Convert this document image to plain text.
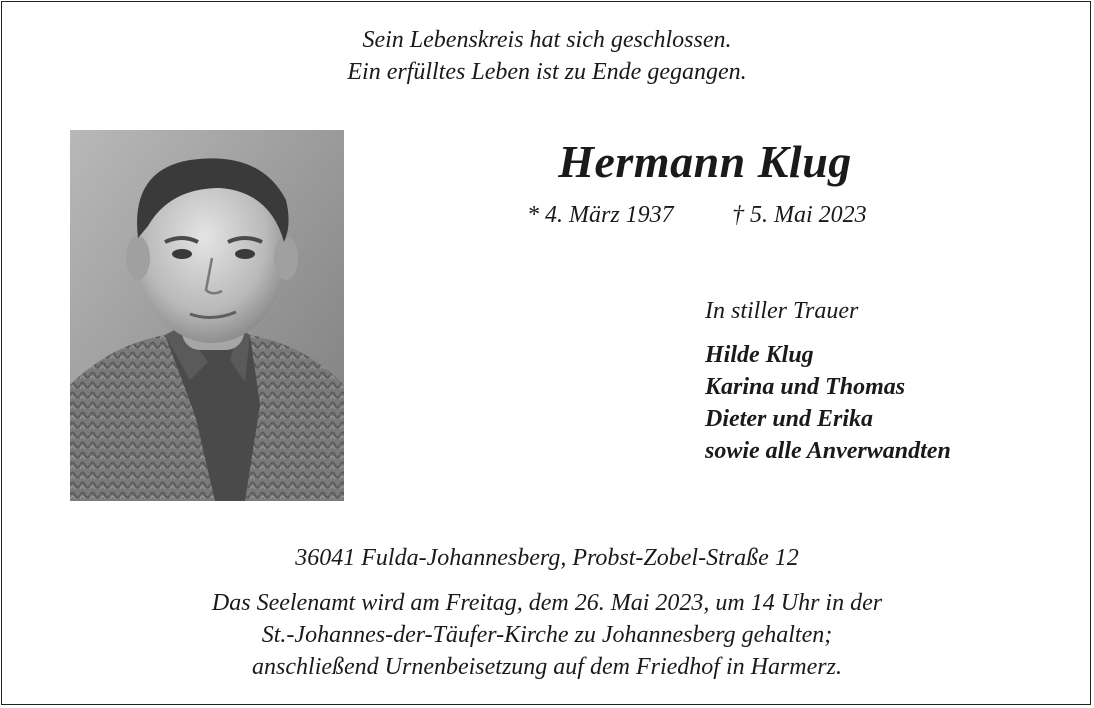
Sein Lebenskreis hat sich geschlossen.
Ein erfülltes Leben ist zu Ende gegangen.
Hermann Klug
* 4. März 1937 † 5. Mai 2023
In stiller Trauer
Hilde Klug
Karina und Thomas
Dieter und Erika
sowie alle Anverwandten
36041 Fulda-Johannesberg, Probst-Zobel-Straße 12
Das Seelenamt wird am Freitag, dem 26. Mai 2023, um 14 Uhr in der
St.-Johannes-der-Täufer-Kirche zu Johannesberg gehalten;
anschließend Urnenbeisetzung auf dem Friedhof in Harmerz.
